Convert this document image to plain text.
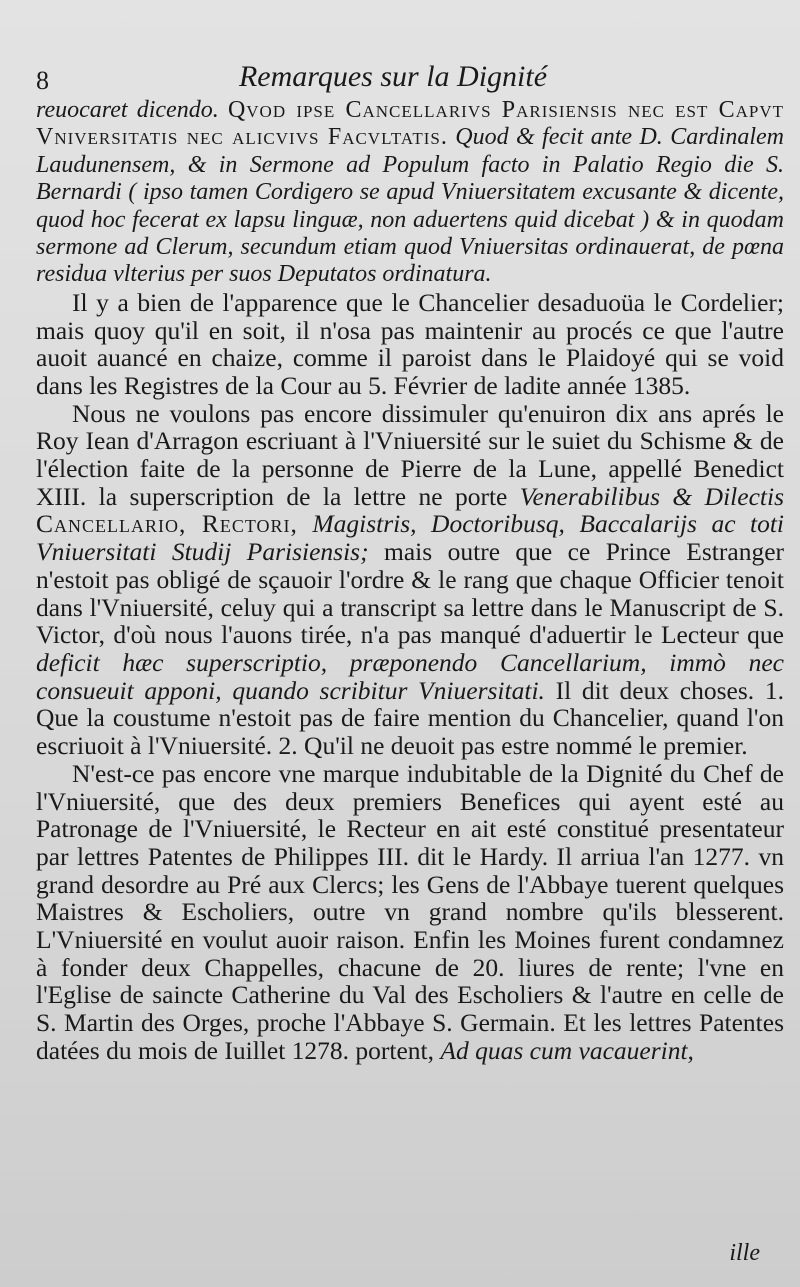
8	Remarques sur la Dignité

reuocaret dicendo. Qvod ipse Cancellarivs Parisiensis nec est Capvt Vniversitatis nec alicvivs Facvltatis. Quod & fecit ante D. Cardinalem Laudunensem, & in Sermone ad Populum facto in Palatio Regio die S. Bernardi ( ipso tamen Cordigero se apud Vniuersitatem excusante & dicente, quod hoc fecerat ex lapsu linguæ, non aduertens quid dicebat ) & in quodam sermone ad Clerum, secundum etiam quod Vniuersitas ordinauerat, de pœna residua vlterius per suos Deputatos ordinatura.

Il y a bien de l'apparence que le Chancelier desaduoüa le Cordelier; mais quoy qu'il en soit, il n'osa pas maintenir au procés ce que l'autre auoit auancé en chaize, comme il paroist dans le Plaidoyé qui se void dans les Registres de la Cour au 5. Février de ladite année 1385.

Nous ne voulons pas encore dissimuler qu'enuiron dix ans aprés le Roy Iean d'Arragon escriuant à l'Vniuersité sur le suiet du Schisme & de l'élection faite de la personne de Pierre de la Lune, appellé Benedict XIII. la superscription de la lettre ne porte Venerabilibus & Dilectis Cancellario, Rectori, Magistris, Doctoribusq, Baccalarijs ac toti Vniuersitati Studij Parisiensis; mais outre que ce Prince Estranger n'estoit pas obligé de sçauoir l'ordre & le rang que chaque Officier tenoit dans l'Vniuersité, celuy qui a transcript sa lettre dans le Manuscript de S. Victor, d'où nous l'auons tirée, n'a pas manqué d'aduertir le Lecteur que deficit hæc superscriptio, præponendo Cancellarium, immò nec consueuit apponi, quando scribitur Vniuersitati. Il dit deux choses. 1. Que la coustume n'estoit pas de faire mention du Chancelier, quand l'on escriuoit à l'Vniuersité. 2. Qu'il ne deuoit pas estre nommé le premier.

N'est-ce pas encore vne marque indubitable de la Dignité du Chef de l'Vniuersité, que des deux premiers Benefices qui ayent esté au Patronage de l'Vniuersité, le Recteur en ait esté constitué presentateur par lettres Patentes de Philippes III. dit le Hardy. Il arriua l'an 1277. vn grand desordre au Pré aux Clercs; les Gens de l'Abbaye tuerent quelques Maistres & Escholiers, outre vn grand nombre qu'ils blesserent. L'Vniuersité en voulut auoir raison. Enfin les Moines furent condamnez à fonder deux Chappelles, chacune de 20. liures de rente; l'vne en l'Eglise de saincte Catherine du Val des Escholiers & l'autre en celle de S. Martin des Orges, proche l'Abbaye S. Germain. Et les lettres Patentes datées du mois de Iuillet 1278. portent, Ad quas cum vacauerint,

ille
